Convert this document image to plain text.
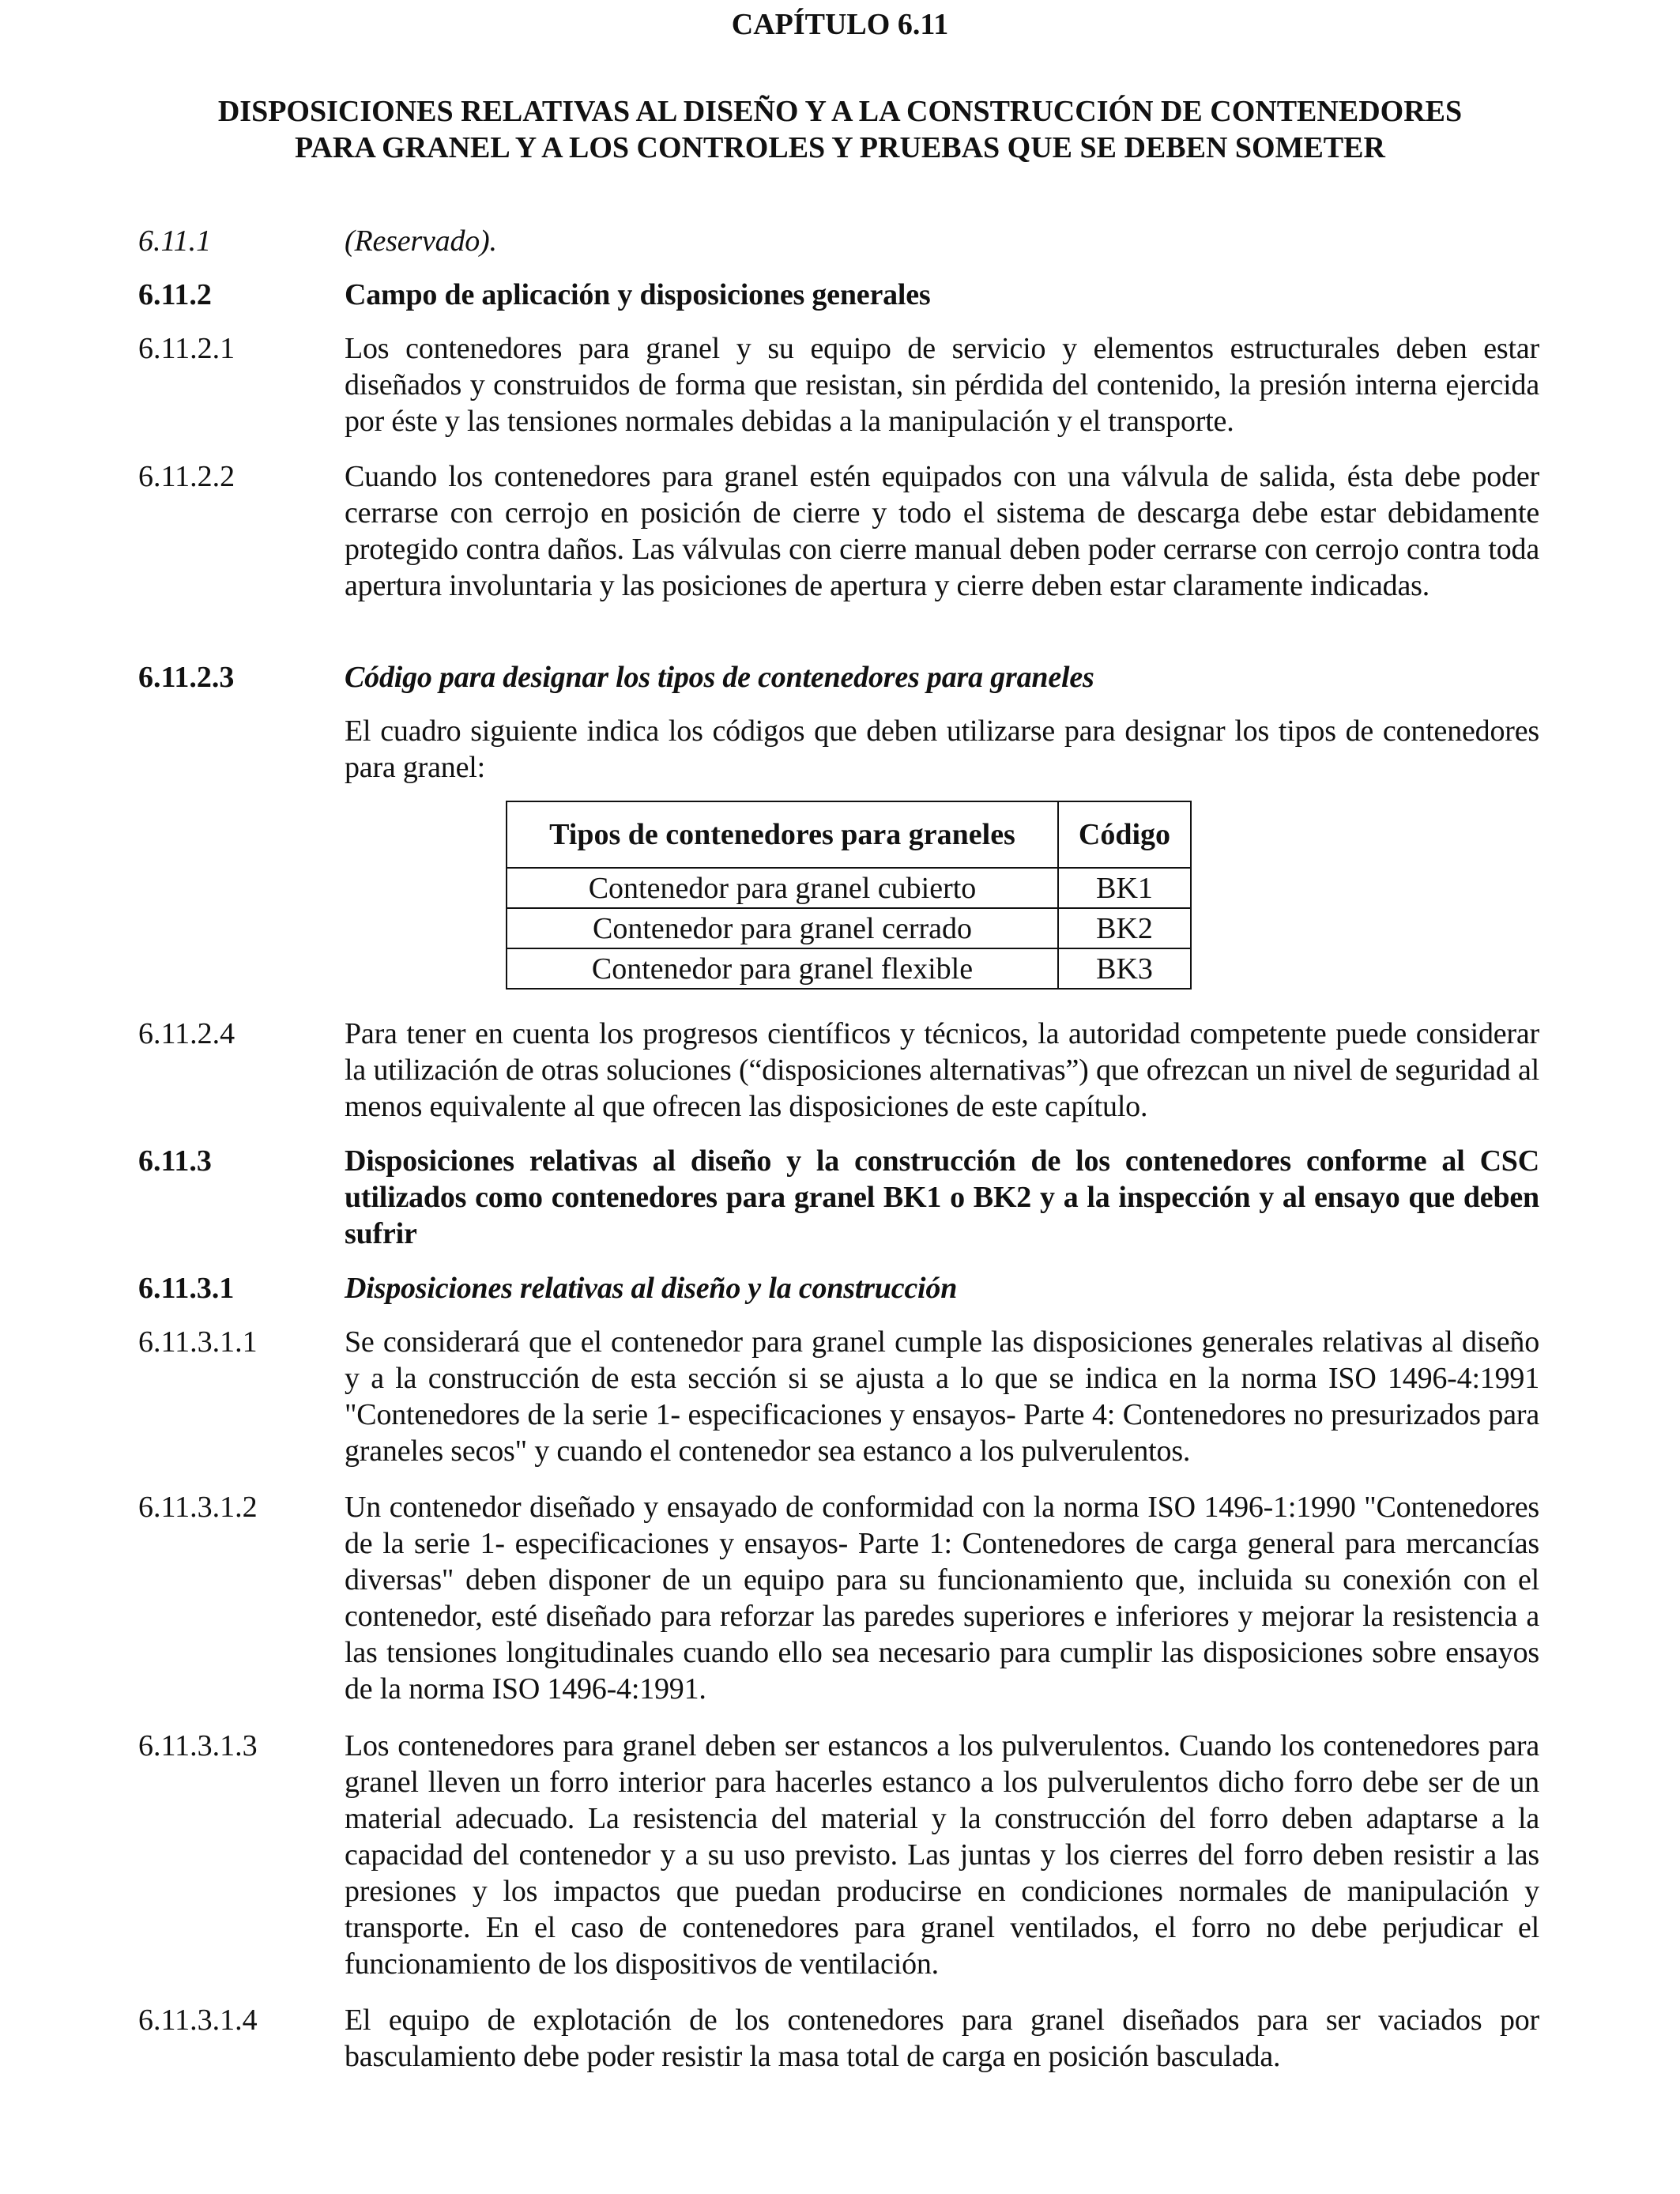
CAPÍTULO 6.11
DISPOSICIONES RELATIVAS AL DISEÑO Y A LA CONSTRUCCIÓN DE CONTENEDORES
PARA GRANEL Y A LOS CONTROLES Y PRUEBAS QUE SE DEBEN SOMETER
6.11.1	(Reservado).
6.11.2	Campo de aplicación y disposiciones generales
6.11.2.1	Los contenedores para granel y su equipo de servicio y elementos estructurales deben estar diseñados y construidos de forma que resistan, sin pérdida del contenido, la presión interna ejercida por éste y las tensiones normales debidas a la manipulación y el transporte.
6.11.2.2	Cuando los contenedores para granel estén equipados con una válvula de salida, ésta debe poder cerrarse con cerrojo en posición de cierre y todo el sistema de descarga debe estar debidamente protegido contra daños. Las válvulas con cierre manual deben poder cerrarse con cerrojo contra toda apertura involuntaria y las posiciones de apertura y cierre deben estar claramente indicadas.
6.11.2.3	Código para designar los tipos de contenedores para graneles
El cuadro siguiente indica los códigos que deben utilizarse para designar los tipos de contenedores para granel:
Tipos de contenedores para graneles	Código
Contenedor para granel cubierto	BK1
Contenedor para granel cerrado	BK2
Contenedor para granel flexible	BK3
6.11.2.4	Para tener en cuenta los progresos científicos y técnicos, la autoridad competente puede considerar la utilización de otras soluciones (“disposiciones alternativas”) que ofrezcan un nivel de seguridad al menos equivalente al que ofrecen las disposiciones de este capítulo.
6.11.3	Disposiciones relativas al diseño y la construcción de los contenedores conforme al CSC utilizados como contenedores para granel BK1 o BK2 y a la inspección y al ensayo que deben sufrir
6.11.3.1	Disposiciones relativas al diseño y la construcción
6.11.3.1.1	Se considerará que el contenedor para granel cumple las disposiciones generales relativas al diseño y a la construcción de esta sección si se ajusta a lo que se indica en la norma ISO 1496-4:1991 "Contenedores de la serie 1- especificaciones y ensayos- Parte 4: Contenedores no presurizados para graneles secos" y cuando el contenedor sea estanco a los pulverulentos.
6.11.3.1.2	Un contenedor diseñado y ensayado de conformidad con la norma ISO 1496-1:1990 "Contenedores de la serie 1- especificaciones y ensayos- Parte 1: Contenedores de carga general para mercancías diversas" deben disponer de un equipo para su funcionamiento que, incluida su conexión con el contenedor, esté diseñado para reforzar las paredes superiores e inferiores y mejorar la resistencia a las tensiones longitudinales cuando ello sea necesario para cumplir las disposiciones sobre ensayos de la norma ISO 1496-4:1991.
6.11.3.1.3	Los contenedores para granel deben ser estancos a los pulverulentos. Cuando los contenedores para granel lleven un forro interior para hacerles estanco a los pulverulentos dicho forro debe ser de un material adecuado. La resistencia del material y la construcción del forro deben adaptarse a la capacidad del contenedor y a su uso previsto. Las juntas y los cierres del forro deben resistir a las presiones y los impactos que puedan producirse en condiciones normales de manipulación y transporte. En el caso de contenedores para granel ventilados, el forro no debe perjudicar el funcionamiento de los dispositivos de ventilación.
6.11.3.1.4	El equipo de explotación de los contenedores para granel diseñados para ser vaciados por basculamiento debe poder resistir la masa total de carga en posición basculada.
